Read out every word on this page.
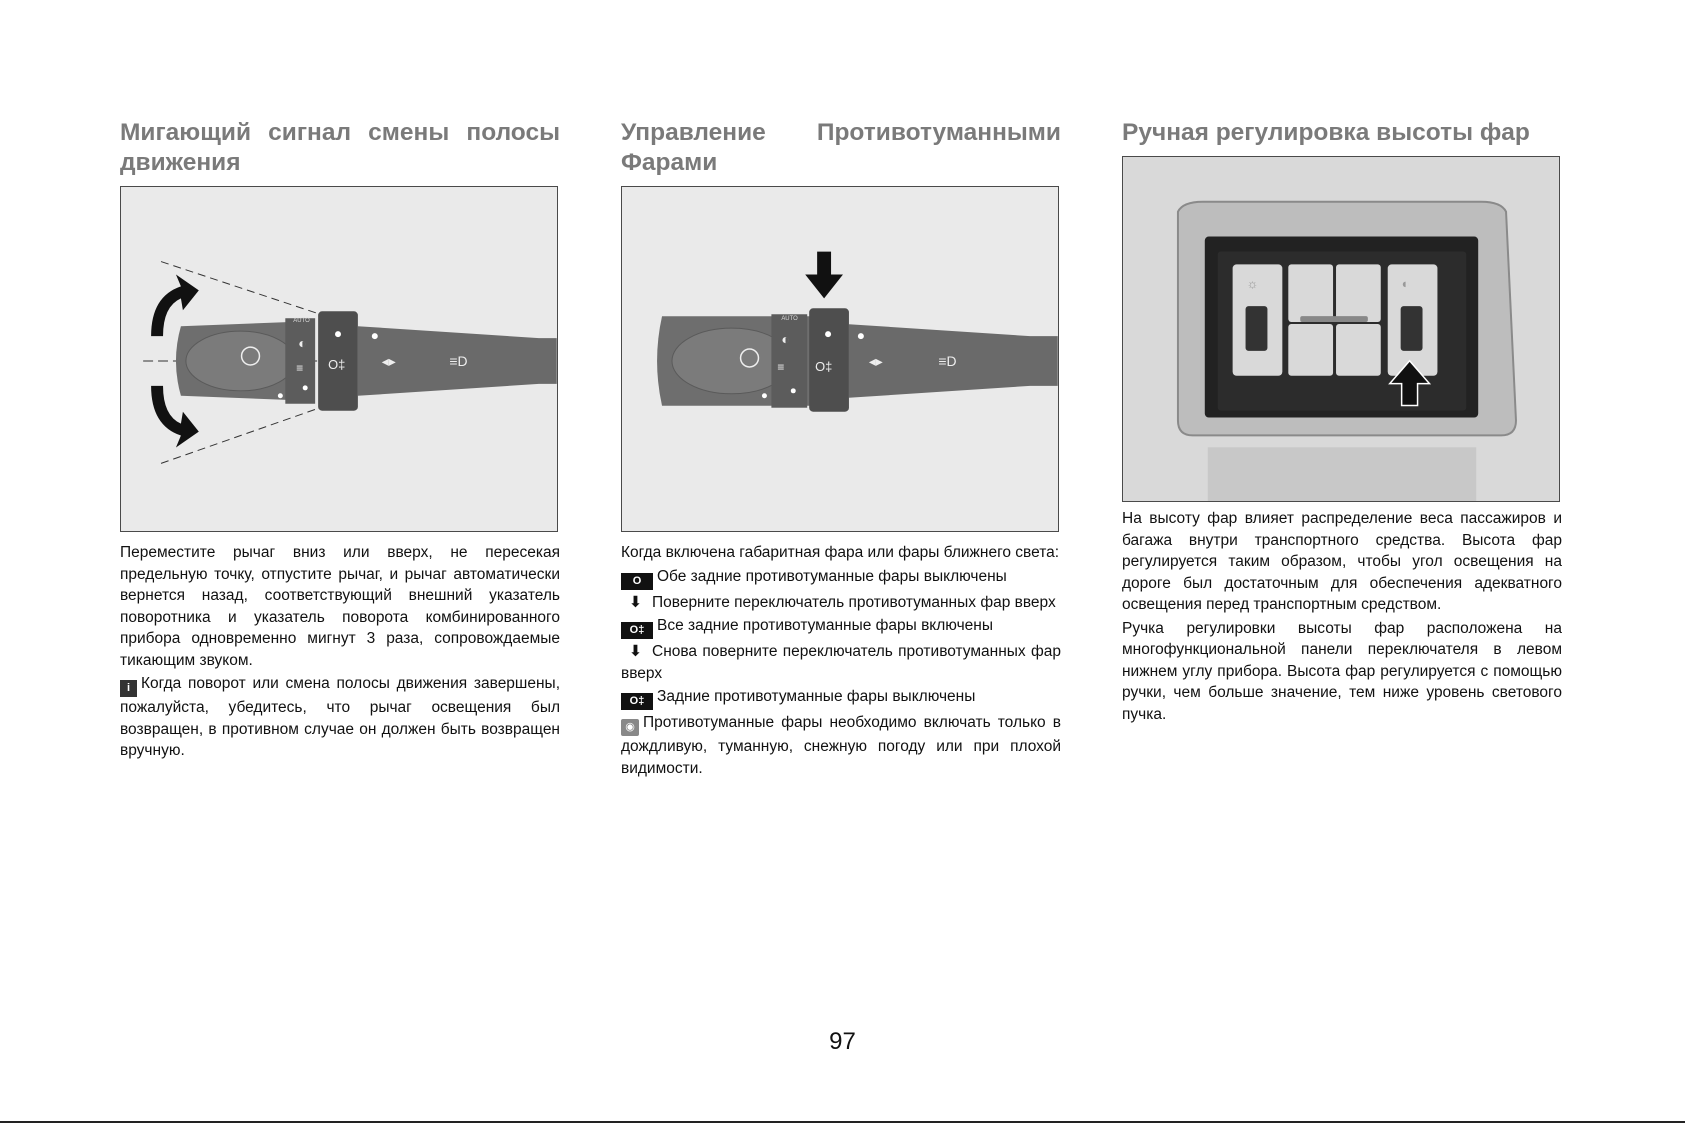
Мигающий сигнал смены полосы движения
AUTO
◐
≡ O‡	◂▸	≡D

Переместите рычаг вниз или вверх, не пересекая предельную точку, отпустите рычаг, и рычаг автоматически вернется назад, соответствующий внешний указатель поворотника и указатель поворота комбинированного прибора одновременно мигнут 3 раза, сопровождаемые тикающим звуком.

i Когда поворот или смена полосы движения завершены, пожалуйста, убедитесь, что рычаг освещения был возвращен, в противном случае он должен быть возвращен вручную.

Управление Противотуманными Фарами
AUTO
◐
≡ O‡	◂▸	≡D

Когда включена габаритная фара или фары ближнего света:

O Обе задние противотуманные фары выключены

⬇ Поверните переключатель противотуманных фар вверх

O‡ Все задние противотуманные фары включены

⬇ Снова поверните переключатель противотуманных фар вверх

O‡ Задние противотуманные фары выключены

◉ Противотуманные фары необходимо включать только в дождливую, туманную, снежную погоду или при плохой видимости.

Ручная регулировка высоты фар
☼	◐

На высоту фар влияет распределение веса пассажиров и багажа внутри транспортного средства. Высота фар регулируется таким образом, чтобы угол освещения на дороге был достаточным для обеспечения адекватного освещения перед транспортным средством.

Ручка регулировки высоты фар расположена на многофункциональной панели переключателя в левом нижнем углу прибора. Высота фар регулируется с помощью ручки, чем больше значение, тем ниже уровень светового пучка.

97
